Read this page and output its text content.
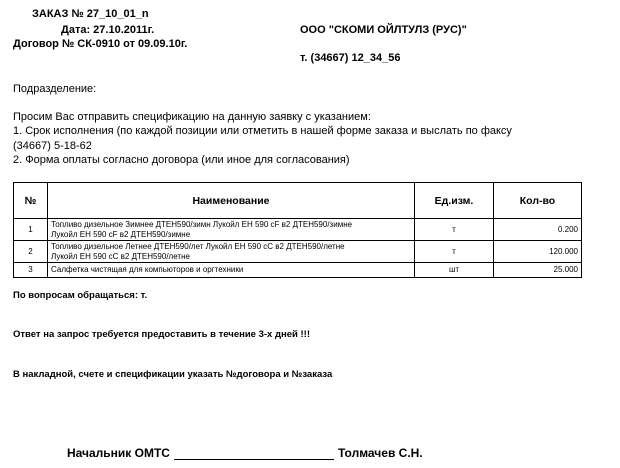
ЗАКАЗ № 27_10_01_n
Дата: 27.10.2011г.
Договор № СК-0910 от 09.09.10г.
ООО "СКОМИ ОЙЛТУЛЗ (РУС)"
т. (34667) 12_34_56
Подразделение:
Просим Вас отправить спецификацию на данную заявку с указанием:
1. Срок исполнения (по каждой позиции или отметить в нашей форме заказа и выслать по факсу
(34667) 5-18-62
2. Форма оплаты согласно договора (или иное для согласования)
№	Наименование	Ед.изм.	Кол-во
1	Топливо дизельное Зимнее ДТЕН590/зимн Лукойл ЕН 590 сF в2 ДТЕН590/зимне
Лукойл ЕН 590 сF в2 ДТЕН590/зимне	т	0.200
2	Топливо дизельное Летнее ДТЕН590/лет Лукойл ЕН 590 сС в2 ДТЕН590/летне
Лукойл ЕН 590 сС в2 ДТЕН590/летне	т	120.000
3	Салфетка чистящая для компьюторов и оргтехники	шт	25.000
По вопросам обращаться: т.
Ответ на запрос требуется предоставить в течение 3-х дней !!!
В накладной, счете и спецификации указать №договора и №заказа
Начальник ОМТС	Толмачев С.Н.
